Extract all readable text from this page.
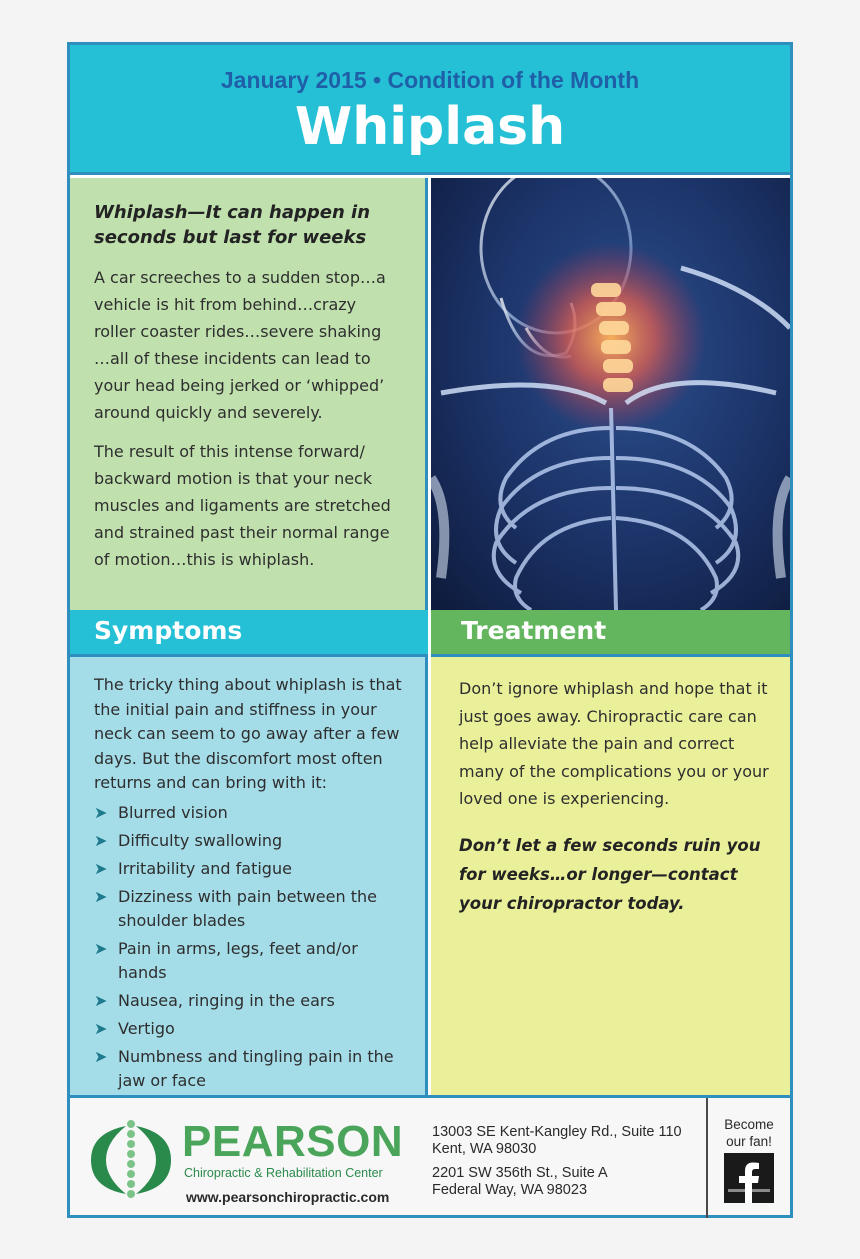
January 2015 • Condition of the Month
Whiplash
Whiplash—It can happen in seconds but last for weeks

A car screeches to a sudden stop…a vehicle is hit from behind…crazy roller coaster rides…severe shaking …all of these incidents can lead to your head being jerked or ‘whipped’ around quickly and severely.

The result of this intense forward/ backward motion is that your neck muscles and ligaments are stretched and strained past their normal range of motion…this is whiplash.

Symptoms	Treatment

The tricky thing about whiplash is that the initial pain and stiffness in your neck can seem to go away after a few days. But the discomfort most often returns and can bring with it:

➤ Blurred vision
➤ Difficulty swallowing
➤ Irritability and fatigue
➤ Dizziness with pain between the shoulder blades
➤ Pain in arms, legs, feet and/or hands
➤ Nausea, ringing in the ears
➤ Vertigo
➤ Numbness and tingling pain in the jaw or face

Don’t ignore whiplash and hope that it just goes away. Chiropractic care can help alleviate the pain and correct many of the complications you or your loved one is experiencing.

Don’t let a few seconds ruin you for weeks…or longer—contact your chiropractor today.

PEARSON
Chiropractic & Rehabilitation Center
www.pearsonchiropractic.com
13003 SE Kent-Kangley Rd., Suite 110
Kent, WA 98030
2201 SW 356th St., Suite A
Federal Way, WA 98023
Become
our fan!
